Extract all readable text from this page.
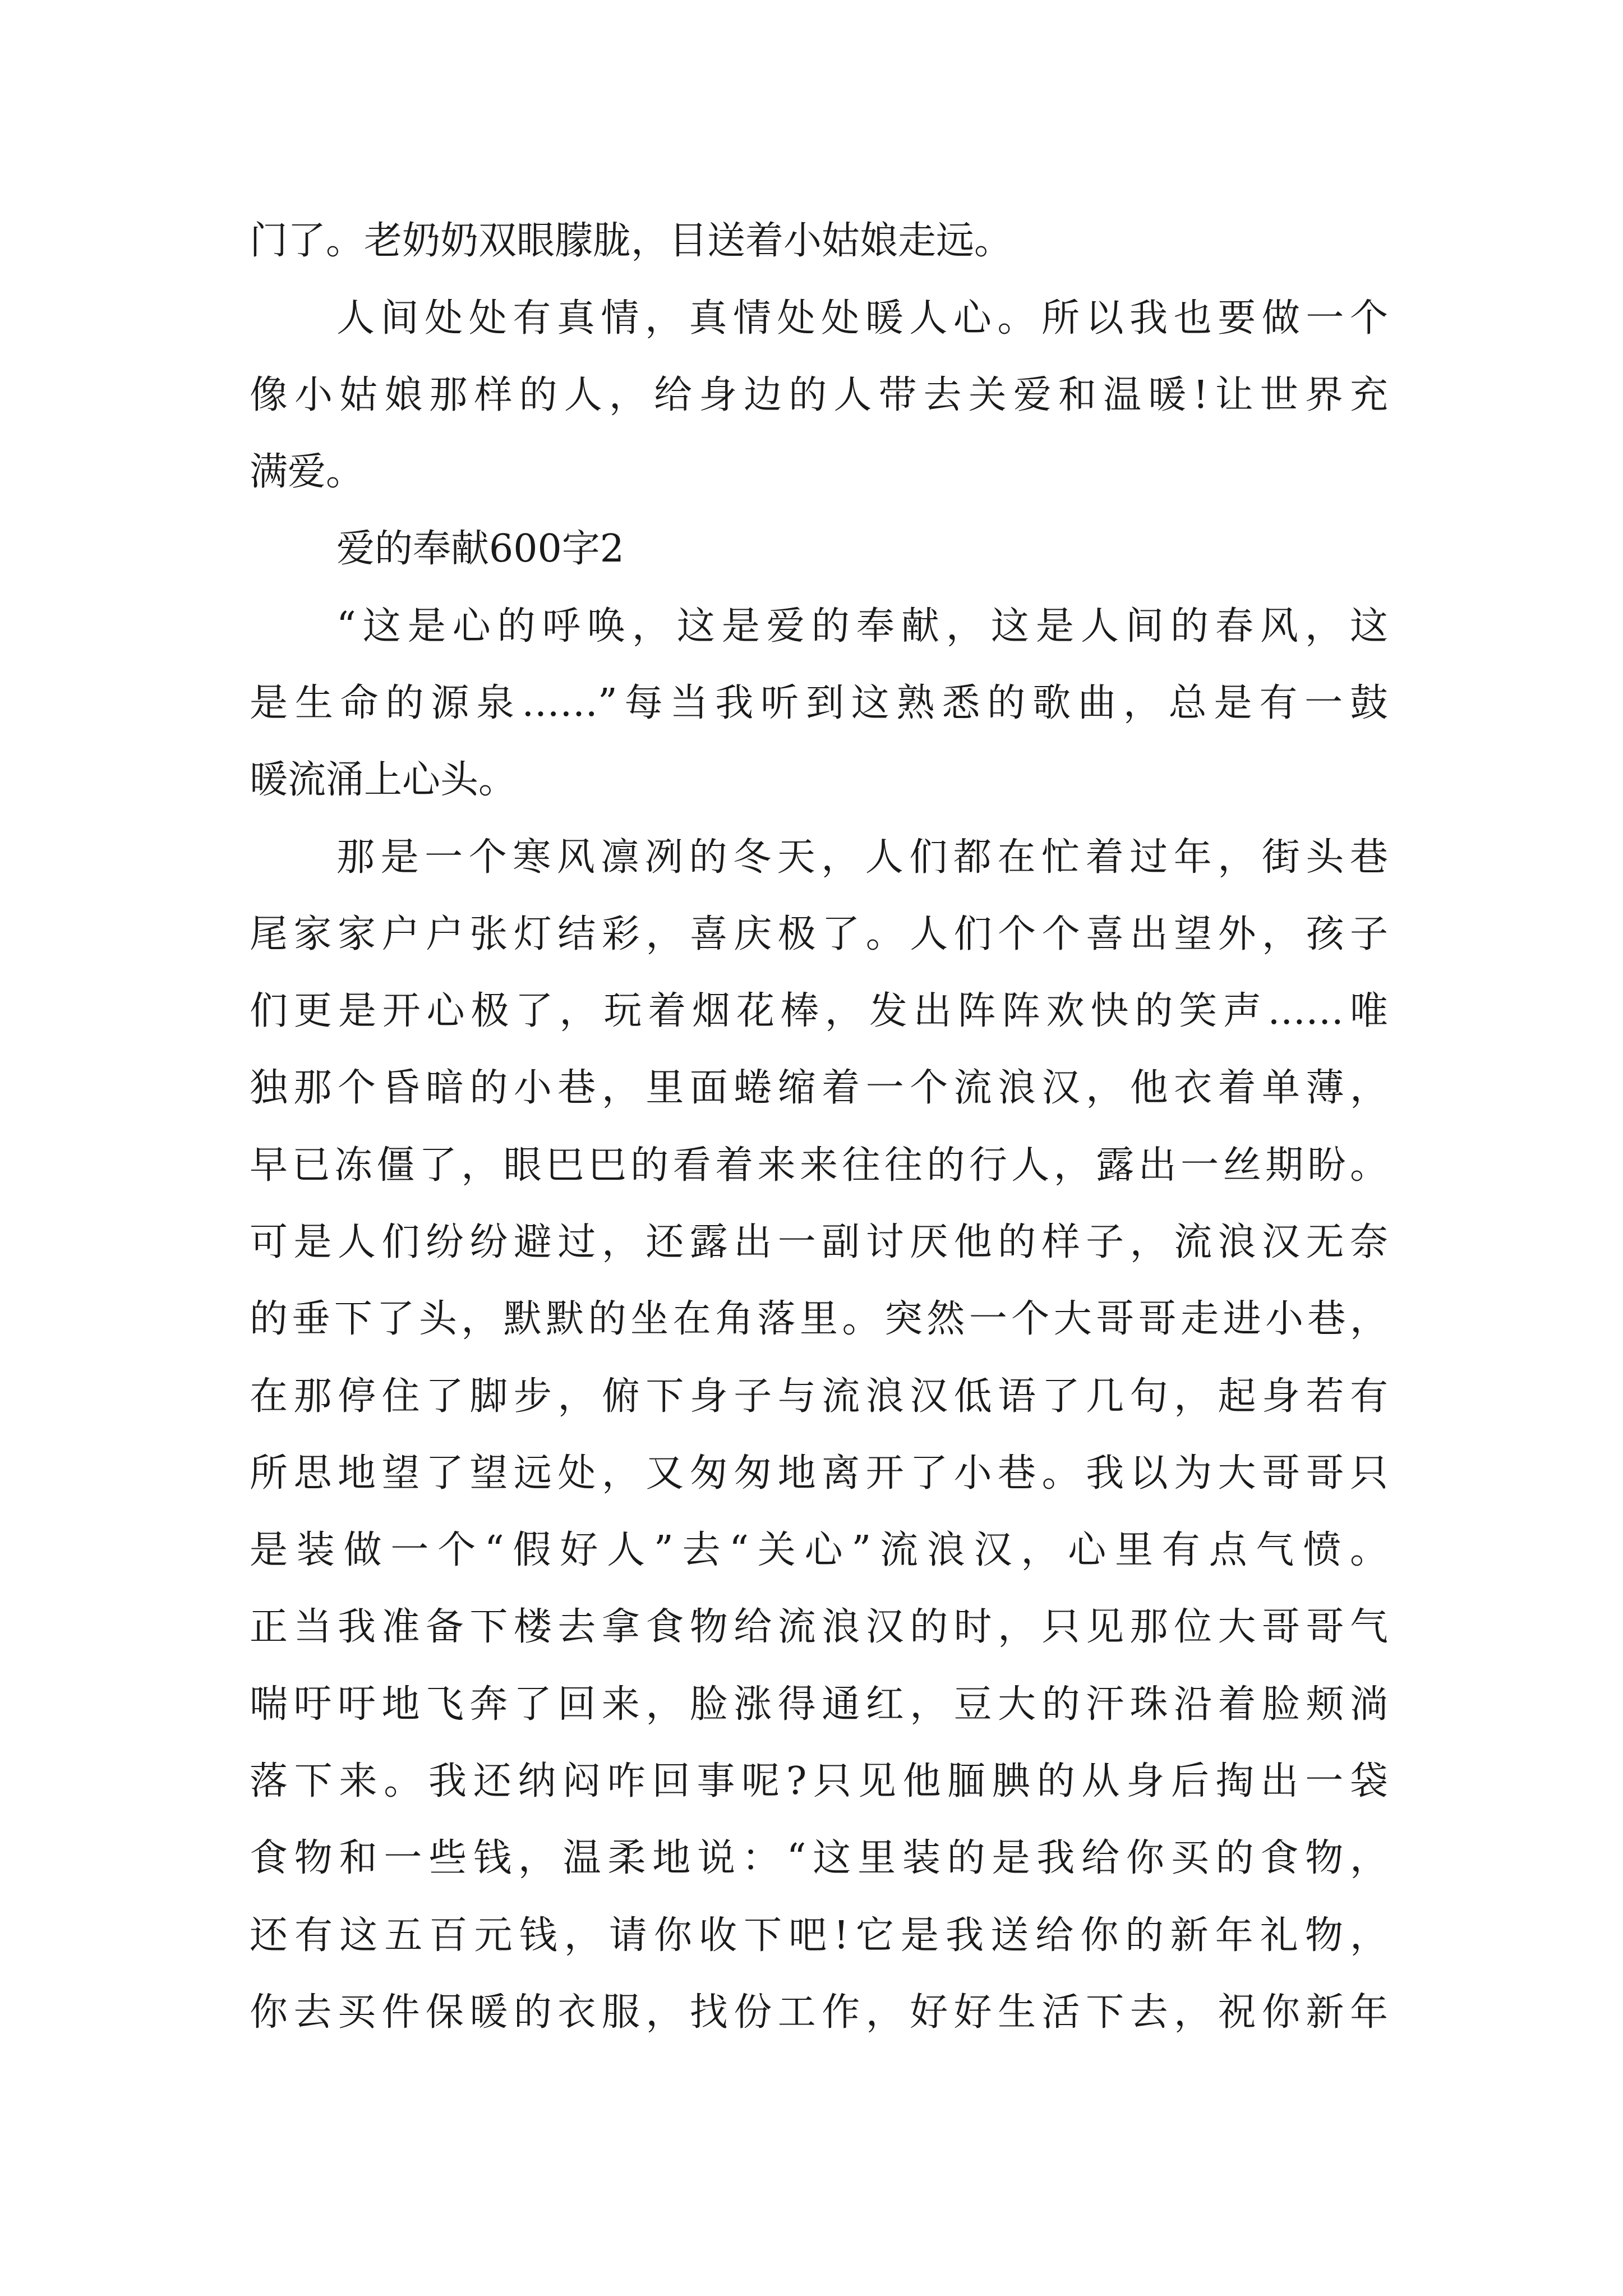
门了。老奶奶双眼朦胧，目送着小姑娘走远。
人间处处有真情，真情处处暖人心。所以我也要做一个
像小姑娘那样的人，给身边的人带去关爱和温暖!让世界充
满爱。
爱的奉献600字2
“这是心的呼唤，这是爱的奉献，这是人间的春风，这
是生命的源泉……”每当我听到这熟悉的歌曲，总是有一鼓
暖流涌上心头。
那是一个寒风凛冽的冬天，人们都在忙着过年，街头巷
尾家家户户张灯结彩，喜庆极了。人们个个喜出望外，孩子
们更是开心极了，玩着烟花棒，发出阵阵欢快的笑声……唯
独那个昏暗的小巷，里面蜷缩着一个流浪汉，他衣着单薄，
早已冻僵了，眼巴巴的看着来来往往的行人，露出一丝期盼。
可是人们纷纷避过，还露出一副讨厌他的样子，流浪汉无奈
的垂下了头，默默的坐在角落里。突然一个大哥哥走进小巷，
在那停住了脚步，俯下身子与流浪汉低语了几句，起身若有
所思地望了望远处，又匆匆地离开了小巷。我以为大哥哥只
是装做一个“假好人”去“关心”流浪汉，心里有点气愤。
正当我准备下楼去拿食物给流浪汉的时，只见那位大哥哥气
喘吁吁地飞奔了回来，脸涨得通红，豆大的汗珠沿着脸颊淌
落下来。我还纳闷咋回事呢?只见他腼腆的从身后掏出一袋
食物和一些钱，温柔地说：“这里装的是我给你买的食物，
还有这五百元钱，请你收下吧!它是我送给你的新年礼物，
你去买件保暖的衣服，找份工作，好好生活下去，祝你新年
